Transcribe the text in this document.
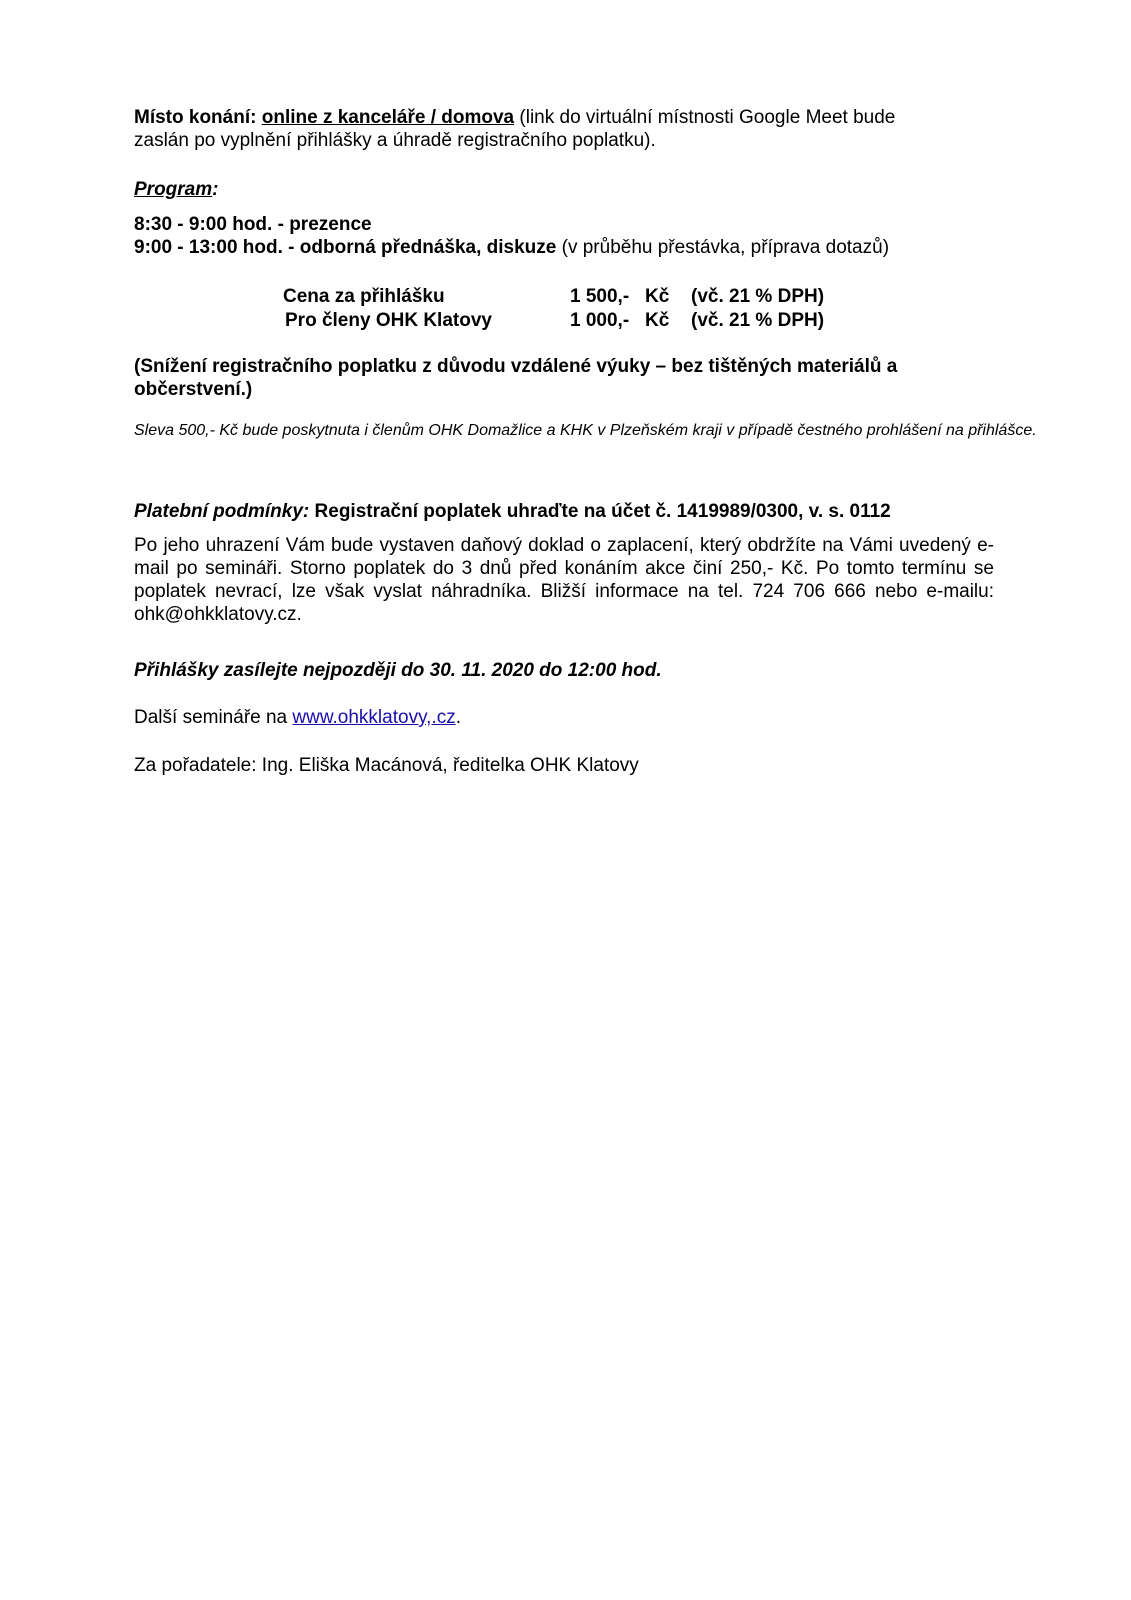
Místo konání: online z kanceláře / domova (link do virtuální místnosti Google Meet bude
zaslán po vyplnění přihlášky a úhradě registračního poplatku).
Program:
8:30 - 9:00 hod. - prezence
9:00 - 13:00 hod. - odborná přednáška, diskuze (v průběhu přestávka, příprava dotazů)
Cena za přihlášku	1 500,- Kč (vč. 21 % DPH)
Pro členy OHK Klatovy	1 000,- Kč (vč. 21 % DPH)
(Snížení registračního poplatku z důvodu vzdálené výuky – bez tištěných materiálů a občerstvení.)
Sleva 500,- Kč bude poskytnuta i členům OHK Domažlice a KHK v Plzeňském kraji v případě čestného prohlášení na přihlášce.
Platební podmínky: Registrační poplatek uhraďte na účet č. 1419989/0300, v. s. 0112
Po jeho uhrazení Vám bude vystaven daňový doklad o zaplacení, který obdržíte na Vámi uvedený e-mail po semináři. Storno poplatek do 3 dnů před konáním akce činí 250,- Kč. Po tomto termínu se poplatek nevrací, lze však vyslat náhradníka. Bližší informace na tel. 724 706 666 nebo e-mailu: ohk@ohkklatovy.cz.
Přihlášky zasílejte nejpozději do 30. 11. 2020 do 12:00 hod.
Další semináře na www.ohkklatovy,.cz.
Za pořadatele: Ing. Eliška Macánová, ředitelka OHK Klatovy
